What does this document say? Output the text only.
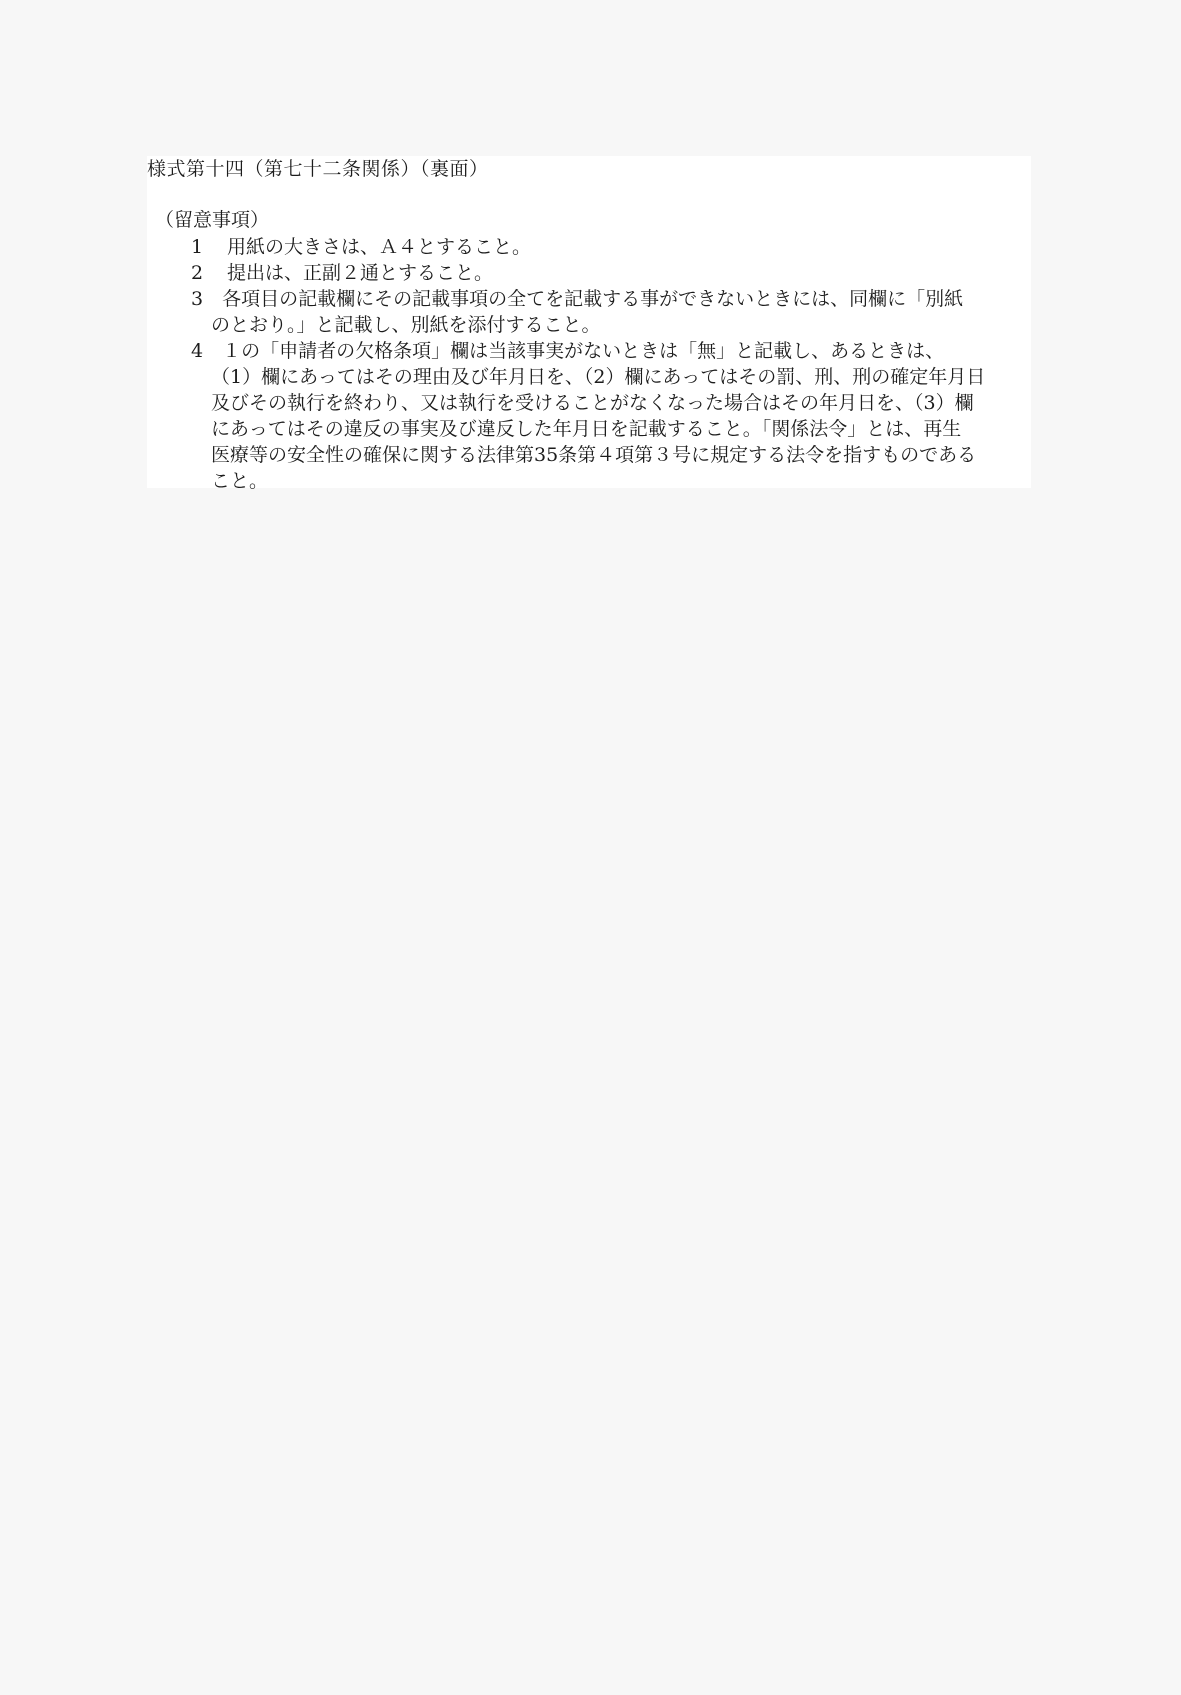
様式第十四（第七十二条関係）（裏面）
（留意事項）
1	用紙の大きさは、Ａ４とすること。
2	提出は、正副２通とすること。
3　各項目の記載欄にその記載事項の全てを記載する事ができないときには、同欄に「別紙
のとおり。」と記載し、別紙を添付すること。
4　１の「申請者の欠格条項」欄は当該事実がないときは「無」と記載し、あるときは、
（1）欄にあってはその理由及び年月日を、（2）欄にあってはその罰、刑、刑の確定年月日
及びその執行を終わり、又は執行を受けることがなくなった場合はその年月日を、（3）欄
にあってはその違反の事実及び違反した年月日を記載すること。「関係法令」とは、再生
医療等の安全性の確保に関する法律第35条第４項第３号に規定する法令を指すものである
こと。
